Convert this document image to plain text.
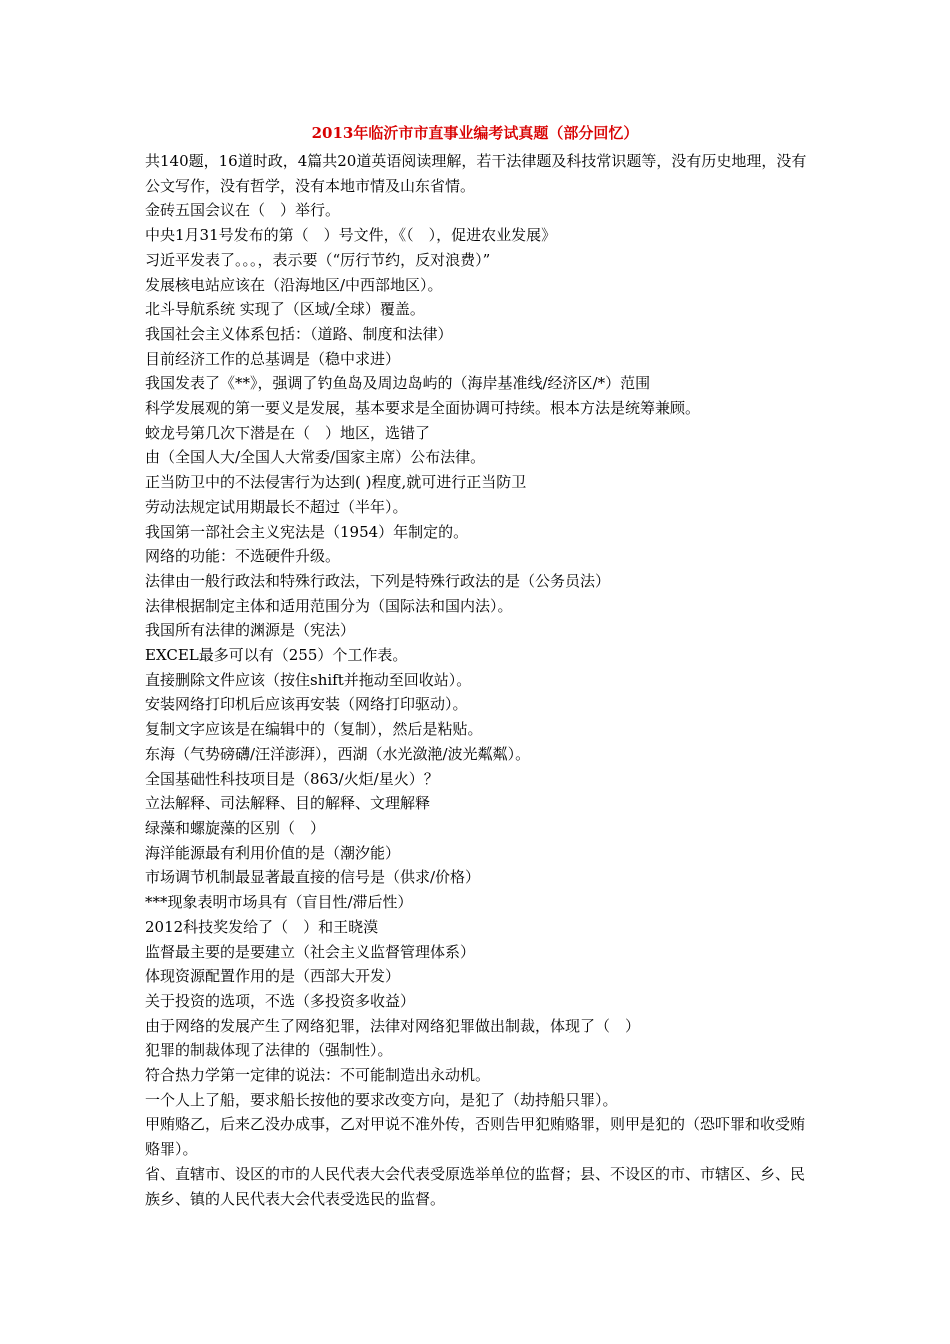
2013年临沂市市直事业编考试真题（部分回忆）

共140题，16道时政，4篇共20道英语阅读理解，若干法律题及科技常识题等，没有历史地理，没有公文写作，没有哲学，没有本地市情及山东省情。

金砖五国会议在（　）举行。

中央1月31号发布的第（　）号文件，《（　），促进农业发展》

习近平发表了。。。，表示要（“厉行节约，反对浪费）”

发展核电站应该在（沿海地区/中西部地区）。

北斗导航系统 实现了（区域/全球）覆盖。

我国社会主义体系包括：（道路、制度和法律）

目前经济工作的总基调是（稳中求进）

我国发表了《**》，强调了钓鱼岛及周边岛屿的（海岸基准线/经济区/*）范围

科学发展观的第一要义是发展，基本要求是全面协调可持续。根本方法是统筹兼顾。

蛟龙号第几次下潜是在（　）地区，选错了

由（全国人大/全国人大常委/国家主席）公布法律。

正当防卫中的不法侵害行为达到( )程度,就可进行正当防卫

劳动法规定试用期最长不超过（半年）。

我国第一部社会主义宪法是（1954）年制定的。

网络的功能：不选硬件升级。

法律由一般行政法和特殊行政法，下列是特殊行政法的是（公务员法）

法律根据制定主体和适用范围分为（国际法和国内法）。

我国所有法律的渊源是（宪法）

EXCEL最多可以有（255）个工作表。

直接删除文件应该（按住shift并拖动至回收站）。

安装网络打印机后应该再安装（网络打印驱动）。

复制文字应该是在编辑中的（复制），然后是粘贴。

东海（气势磅礴/汪洋澎湃），西湖（水光潋滟/波光粼粼）。

全国基础性科技项目是（863/火炬/星火）？

立法解释、司法解释、目的解释、文理解释

绿藻和螺旋藻的区别（　）

海洋能源最有利用价值的是（潮汐能）

市场调节机制最显著最直接的信号是（供求/价格）

***现象表明市场具有（盲目性/滞后性）

2012科技奖发给了（　）和王晓漠

监督最主要的是要建立（社会主义监督管理体系）

体现资源配置作用的是（西部大开发）

关于投资的选项，不选（多投资多收益）

由于网络的发展产生了网络犯罪，法律对网络犯罪做出制裁，体现了（　）

犯罪的制裁体现了法律的（强制性）。

符合热力学第一定律的说法：不可能制造出永动机。

一个人上了船，要求船长按他的要求改变方向，是犯了（劫持船只罪）。

甲贿赂乙，后来乙没办成事，乙对甲说不准外传，否则告甲犯贿赂罪，则甲是犯的（恐吓罪和收受贿赂罪）。

省、直辖市、设区的市的人民代表大会代表受原选举单位的监督；县、不设区的市、市辖区、乡、民族乡、镇的人民代表大会代表受选民的监督。
